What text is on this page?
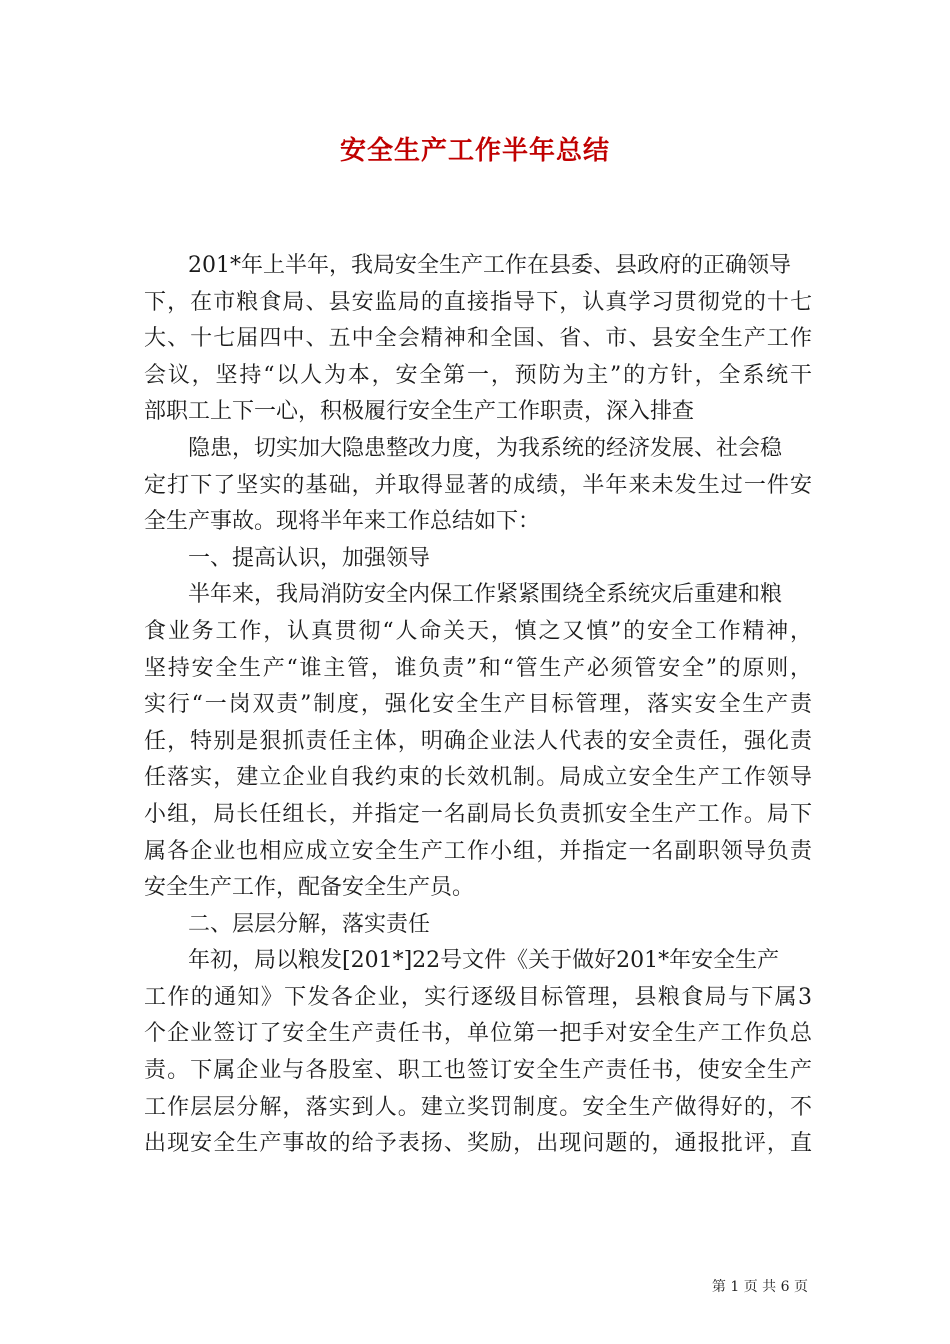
安全生产工作半年总结
201*年上半年，我局安全生产工作在县委、县政府的正确领导
下，在市粮食局、县安监局的直接指导下，认真学习贯彻党的十七
大、十七届四中、五中全会精神和全国、省、市、县安全生产工作
会议，坚持“以人为本，安全第一，预防为主”的方针，全系统干
部职工上下一心，积极履行安全生产工作职责，深入排查
隐患，切实加大隐患整改力度，为我系统的经济发展、社会稳
定打下了坚实的基础，并取得显著的成绩，半年来未发生过一件安
全生产事故。现将半年来工作总结如下：
一、提高认识，加强领导
半年来，我局消防安全内保工作紧紧围绕全系统灾后重建和粮
食业务工作，认真贯彻“人命关天，慎之又慎”的安全工作精神，
坚持安全生产“谁主管，谁负责”和“管生产必须管安全”的原则，
实行“一岗双责”制度，强化安全生产目标管理，落实安全生产责
任，特别是狠抓责任主体，明确企业法人代表的安全责任，强化责
任落实，建立企业自我约束的长效机制。局成立安全生产工作领导
小组，局长任组长，并指定一名副局长负责抓安全生产工作。局下
属各企业也相应成立安全生产工作小组，并指定一名副职领导负责
安全生产工作，配备安全生产员。
二、层层分解，落实责任
年初，局以粮发[201*]22号文件《关于做好201*年安全生产
工作的通知》下发各企业，实行逐级目标管理，县粮食局与下属3
个企业签订了安全生产责任书，单位第一把手对安全生产工作负总
责。下属企业与各股室、职工也签订安全生产责任书，使安全生产
工作层层分解，落实到人。建立奖罚制度。安全生产做得好的，不
出现安全生产事故的给予表扬、奖励，出现问题的，通报批评，直
第 1 页 共 6 页
